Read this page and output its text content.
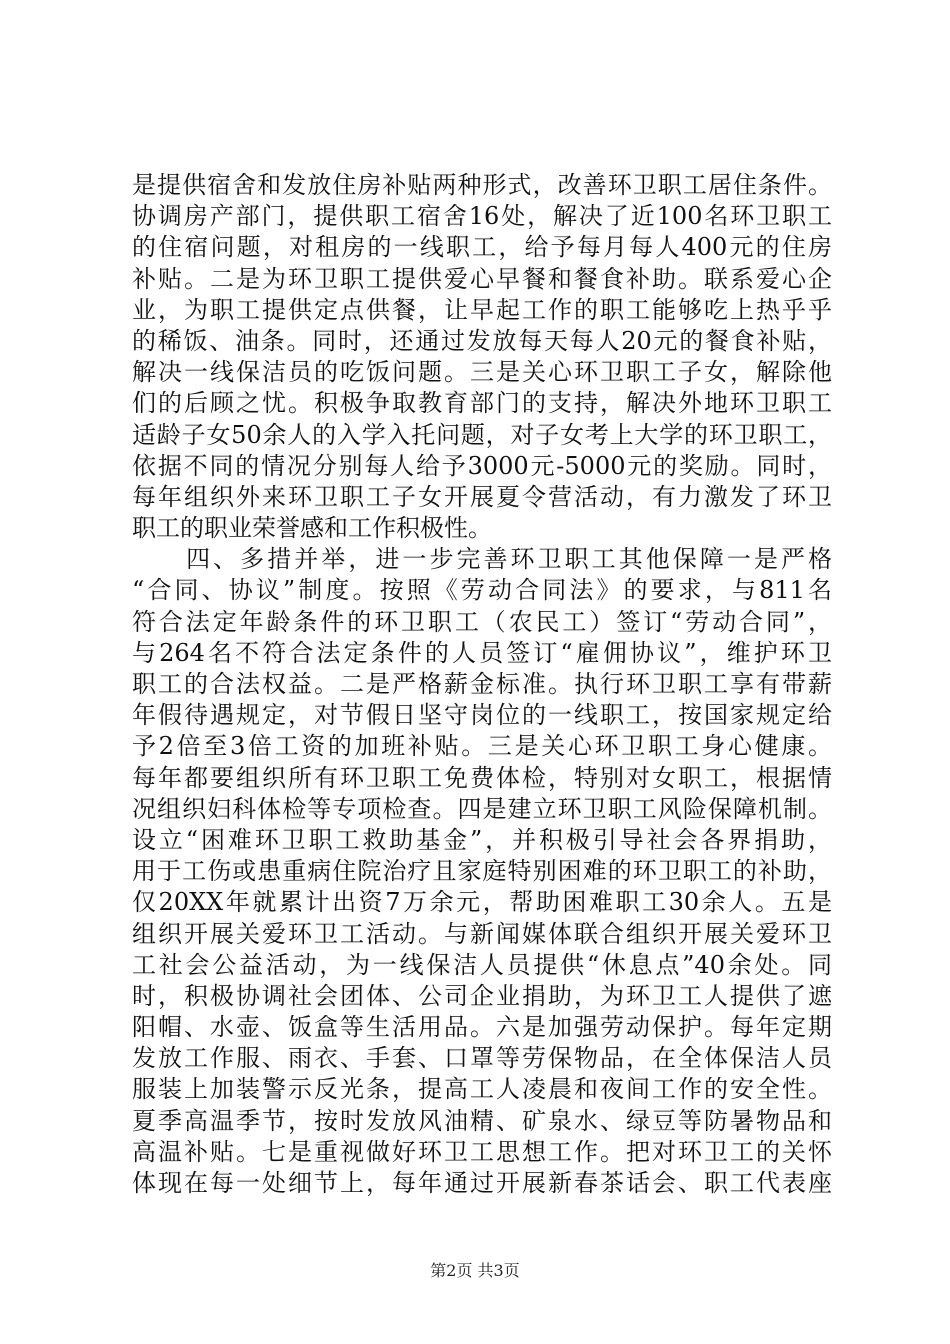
是提供宿舍和发放住房补贴两种形式，改善环卫职工居住条件。
协调房产部门，提供职工宿舍16处，解决了近100名环卫职工
的住宿问题，对租房的一线职工，给予每月每人400元的住房
补贴。二是为环卫职工提供爱心早餐和餐食补助。联系爱心企
业，为职工提供定点供餐，让早起工作的职工能够吃上热乎乎
的稀饭、油条。同时，还通过发放每天每人20元的餐食补贴，
解决一线保洁员的吃饭问题。三是关心环卫职工子女，解除他
们的后顾之忧。积极争取教育部门的支持，解决外地环卫职工
适龄子女50余人的入学入托问题，对子女考上大学的环卫职工，
依据不同的情况分别每人给予3000元-5000元的奖励。同时，
每年组织外来环卫职工子女开展夏令营活动，有力激发了环卫
职工的职业荣誉感和工作积极性。
　　四、多措并举，进一步完善环卫职工其他保障一是严格
“合同、协议”制度。按照《劳动合同法》的要求，与811名
符合法定年龄条件的环卫职工（农民工）签订“劳动合同”，
与264名不符合法定条件的人员签订“雇佣协议”，维护环卫
职工的合法权益。二是严格薪金标准。执行环卫职工享有带薪
年假待遇规定，对节假日坚守岗位的一线职工，按国家规定给
予2倍至3倍工资的加班补贴。三是关心环卫职工身心健康。
每年都要组织所有环卫职工免费体检，特别对女职工，根据情
况组织妇科体检等专项检查。四是建立环卫职工风险保障机制。
设立“困难环卫职工救助基金”，并积极引导社会各界捐助，
用于工伤或患重病住院治疗且家庭特别困难的环卫职工的补助，
仅20XX年就累计出资7万余元，帮助困难职工30余人。五是
组织开展关爱环卫工活动。与新闻媒体联合组织开展关爱环卫
工社会公益活动，为一线保洁人员提供“休息点”40余处。同
时，积极协调社会团体、公司企业捐助，为环卫工人提供了遮
阳帽、水壶、饭盒等生活用品。六是加强劳动保护。每年定期
发放工作服、雨衣、手套、口罩等劳保物品，在全体保洁人员
服装上加装警示反光条，提高工人凌晨和夜间工作的安全性。
夏季高温季节，按时发放风油精、矿泉水、绿豆等防暑物品和
高温补贴。七是重视做好环卫工思想工作。把对环卫工的关怀
体现在每一处细节上，每年通过开展新春茶话会、职工代表座
第2页 共3页
